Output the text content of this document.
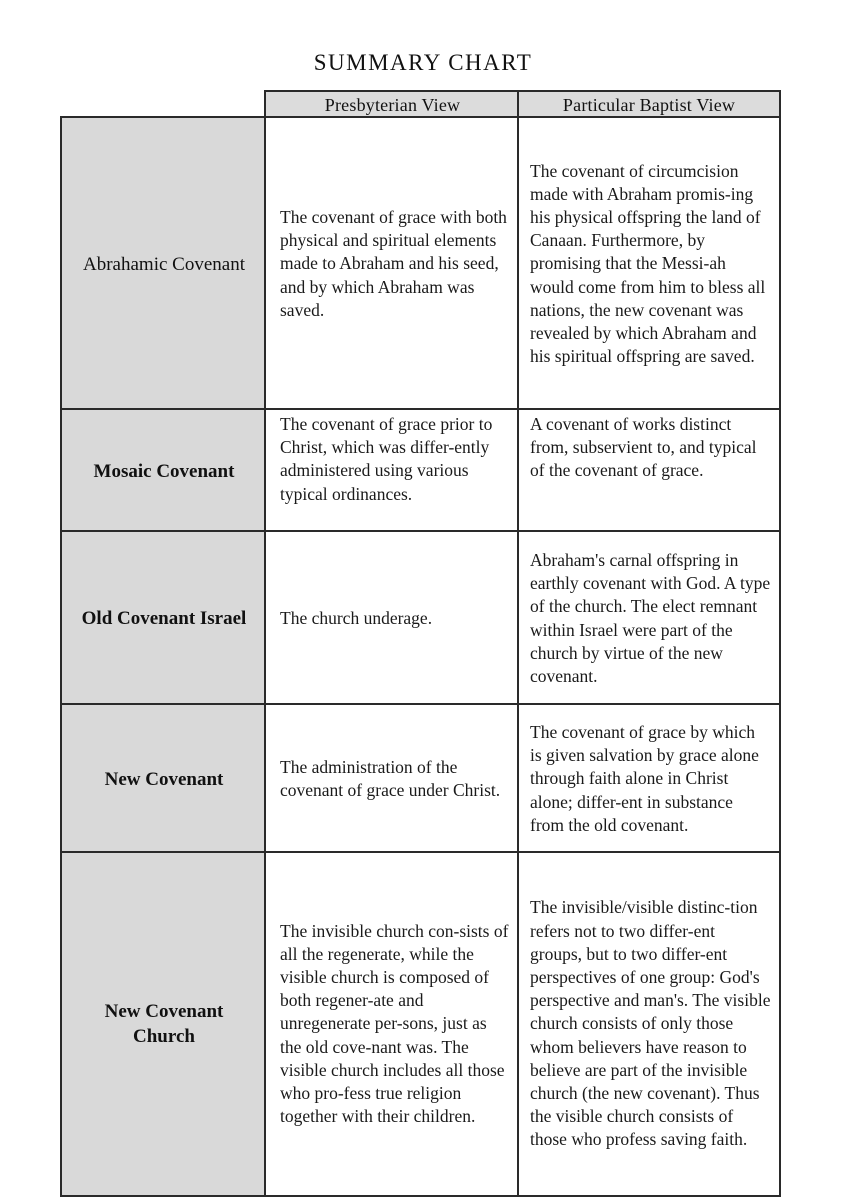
SUMMARY CHART
Presbyterian View	Particular Baptist View
Abrahamic Covenant
The covenant of grace with both physical and spiritual elements made to Abraham and his seed, and by which Abraham was saved.
The covenant of circumcision made with Abraham promis-ing his physical offspring the land of Canaan. Furthermore, by promising that the Messi-ah would come from him to bless all nations, the new covenant was revealed by which Abraham and his spiritual offspring are saved.
Mosaic Covenant
The covenant of grace prior to Christ, which was differ-ently administered using various typical ordinances.
A covenant of works distinct from, subservient to, and typical of the covenant of grace.
Old Covenant Israel	The church underage.
Abraham's carnal offspring in earthly covenant with God. A type of the church. The elect remnant within Israel were part of the church by virtue of the new covenant.
New Covenant
The administration of the covenant of grace under Christ.
The covenant of grace by which is given salvation by grace alone through faith alone in Christ alone; differ-ent in substance from the old covenant.
New Covenant Church
The invisible church con-sists of all the regenerate, while the visible church is composed of both regener-ate and unregenerate per-sons, just as the old cove-nant was. The visible church includes all those who pro-fess true religion together with their children.
The invisible/visible distinc-tion refers not to two differ-ent groups, but to two differ-ent perspectives of one group: God's perspective and man's. The visible church consists of only those whom believers have reason to believe are part of the invisible church (the new covenant). Thus the visible church consists of those who profess saving faith.
